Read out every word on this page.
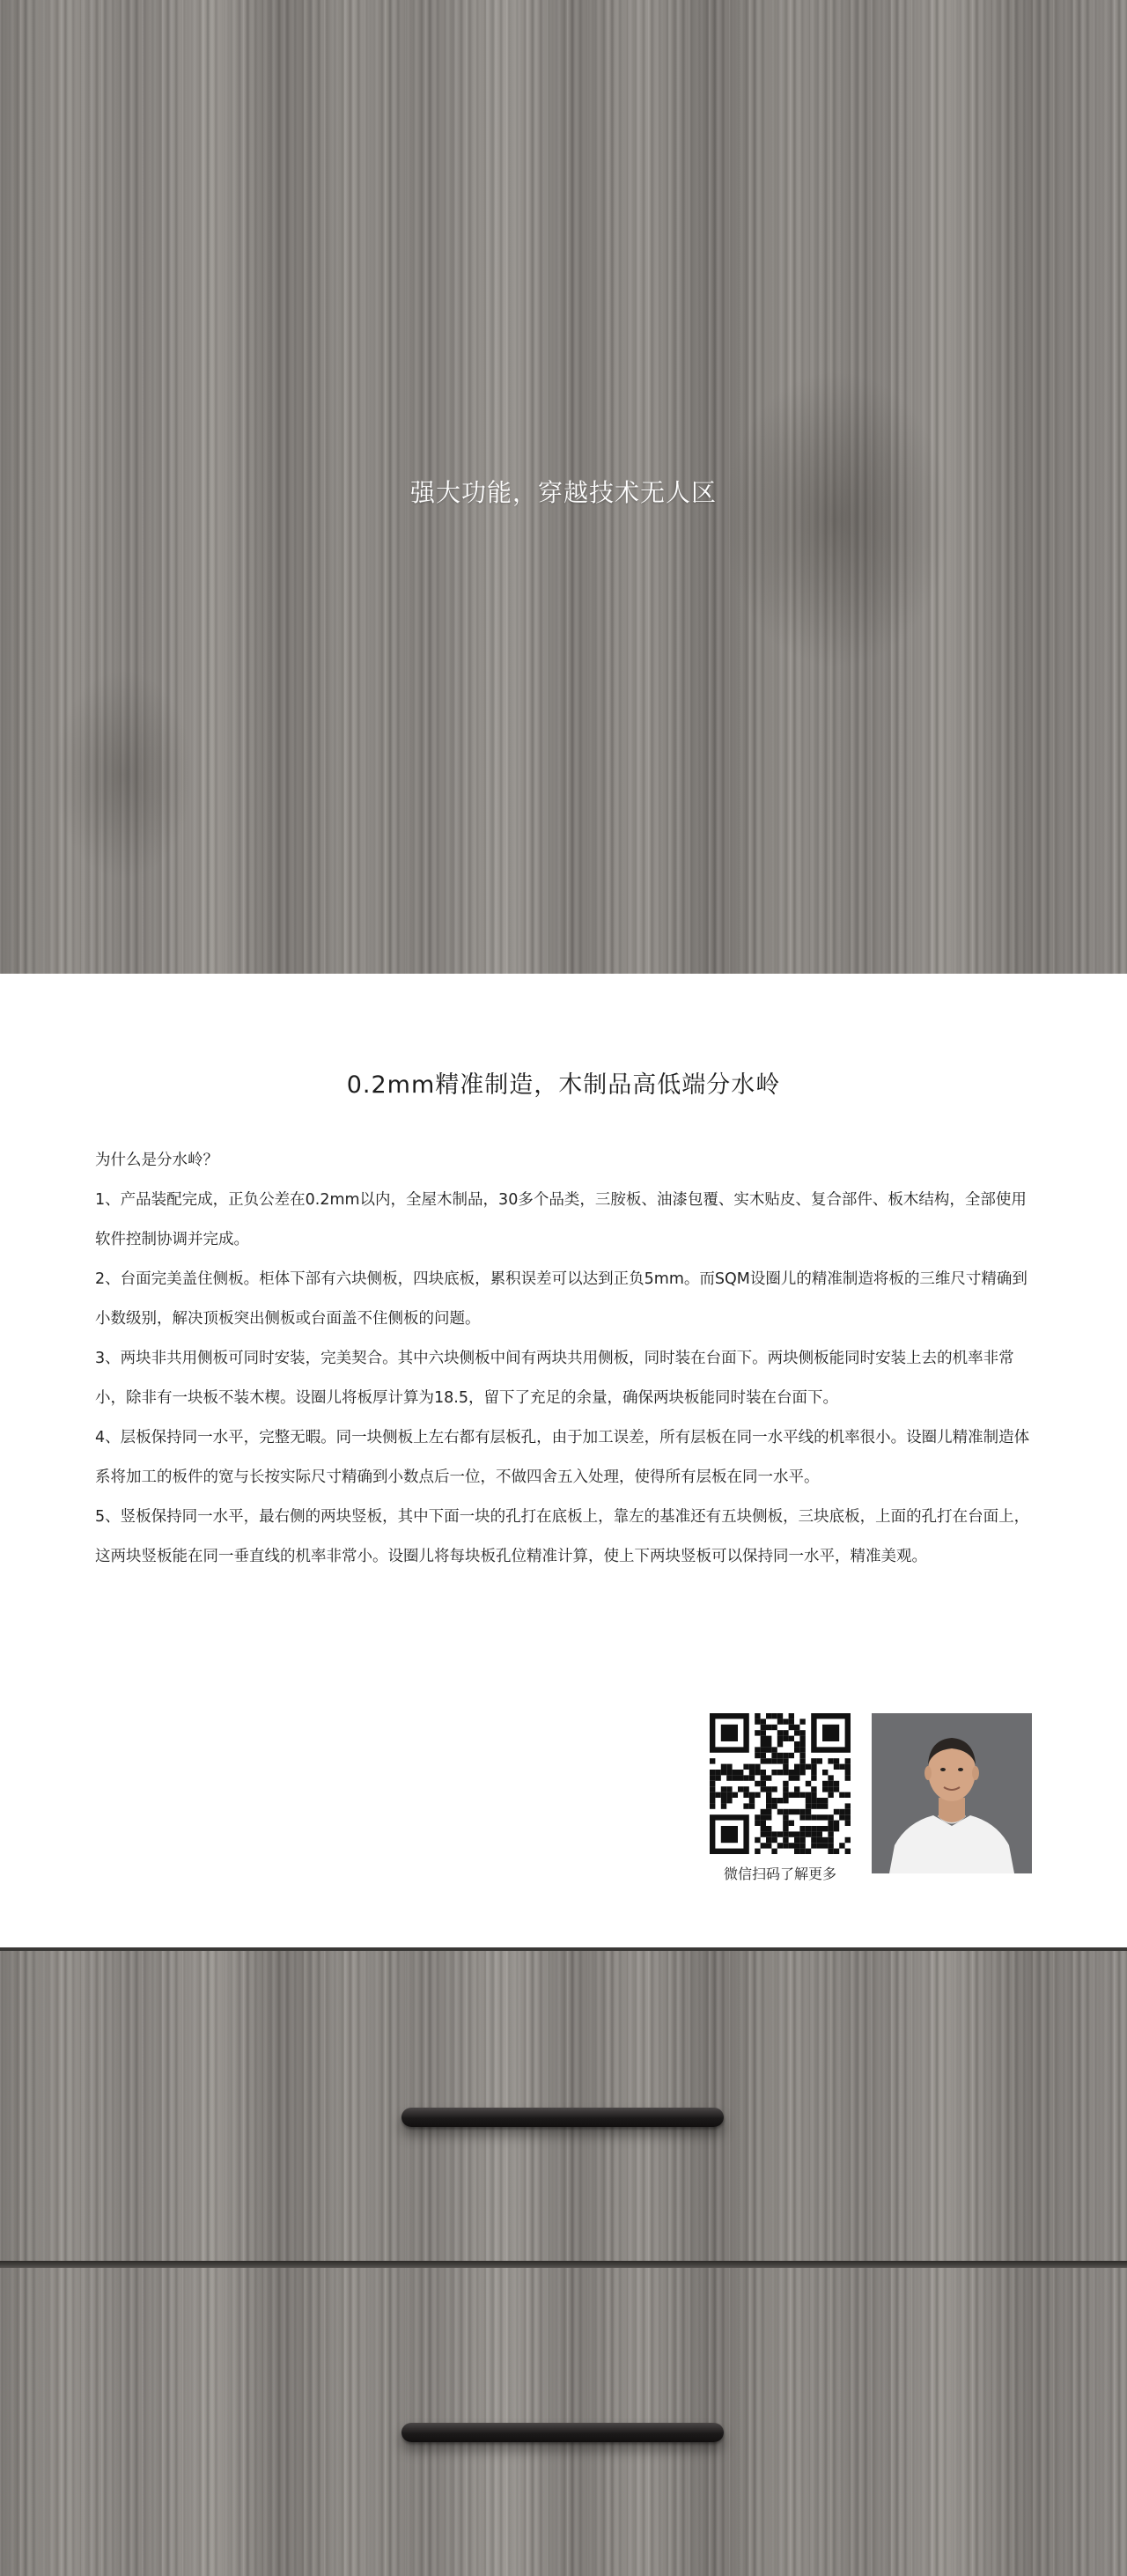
强大功能，穿越技术无人区
0.2mm精准制造，木制品高低端分水岭

为什么是分水岭？

1、产品装配完成，正负公差在0.2mm以内，全屋木制品，30多个品类，三胺板、油漆包覆、实木贴皮、复合部件、板木结构，全部使用软件控制协调并完成。

2、台面完美盖住侧板。柜体下部有六块侧板，四块底板，累积误差可以达到正负5mm。而SQM设圈儿的精准制造将板的三维尺寸精确到小数级别，解决顶板突出侧板或台面盖不住侧板的问题。

3、两块非共用侧板可同时安装，完美契合。其中六块侧板中间有两块共用侧板，同时装在台面下。两块侧板能同时安装上去的机率非常小，除非有一块板不装木楔。设圈儿将板厚计算为18.5，留下了充足的余量，确保两块板能同时装在台面下。

4、层板保持同一水平，完整无暇。同一块侧板上左右都有层板孔，由于加工误差，所有层板在同一水平线的机率很小。设圈儿精准制造体系将加工的板件的宽与长按实际尺寸精确到小数点后一位，不做四舍五入处理，使得所有层板在同一水平。

5、竖板保持同一水平，最右侧的两块竖板，其中下面一块的孔打在底板上，靠左的基准还有五块侧板，三块底板，上面的孔打在台面上，这两块竖板能在同一垂直线的机率非常小。设圈儿将每块板孔位精准计算，使上下两块竖板可以保持同一水平，精准美观。

微信扫码了解更多
